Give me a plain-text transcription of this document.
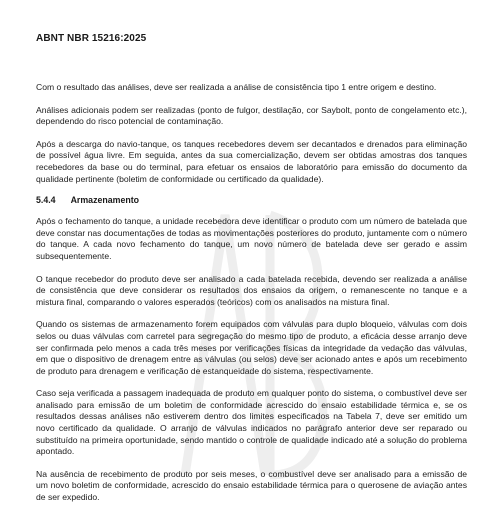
ABNT NBR 15216:2025

Com o resultado das análises, deve ser realizada a análise de consistência tipo 1 entre origem e destino.

Análises adicionais podem ser realizadas (ponto de fulgor, destilação, cor Saybolt, ponto de congelamento etc.), dependendo do risco potencial de contaminação.

Após a descarga do navio-tanque, os tanques recebedores devem ser decantados e drenados para eliminação de possível água livre. Em seguida, antes da sua comercialização, devem ser obtidas amostras dos tanques recebedores da base ou do terminal, para efetuar os ensaios de laboratório para emissão do documento da qualidade pertinente (boletim de conformidade ou certificado da qualidade).

5.4.4 Armazenamento

Após o fechamento do tanque, a unidade recebedora deve identificar o produto com um número de batelada que deve constar nas documentações de todas as movimentações posteriores do produto, juntamente com o número do tanque. A cada novo fechamento do tanque, um novo número de batelada deve ser gerado e assim subsequentemente.

O tanque recebedor do produto deve ser analisado a cada batelada recebida, devendo ser realizada a análise de consistência que deve considerar os resultados dos ensaios da origem, o remanescente no tanque e a mistura final, comparando o valores esperados (teóricos) com os analisados na mistura final.

Quando os sistemas de armazenamento forem equipados com válvulas para duplo bloqueio, válvulas com dois selos ou duas válvulas com carretel para segregação do mesmo tipo de produto, a eficácia desse arranjo deve ser confirmada pelo menos a cada três meses por verificações físicas da integridade da vedação das válvulas, em que o dispositivo de drenagem entre as válvulas (ou selos) deve ser acionado antes e após um recebimento de produto para drenagem e verificação de estanqueidade do sistema, respectivamente.

Caso seja verificada a passagem inadequada de produto em qualquer ponto do sistema, o combustível deve ser analisado para emissão de um boletim de conformidade acrescido do ensaio estabilidade térmica e, se os resultados dessas análises não estiverem dentro dos limites especificados na Tabela 7, deve ser emitido um novo certificado da qualidade. O arranjo de válvulas indicados no parágrafo anterior deve ser reparado ou substituído na primeira oportunidade, sendo mantido o controle de qualidade indicado até a solução do problema apontado.

Na ausência de recebimento de produto por seis meses, o combustível deve ser analisado para a emissão de um novo boletim de conformidade, acrescido do ensaio estabilidade térmica para o querosene de aviação antes de ser expedido.
